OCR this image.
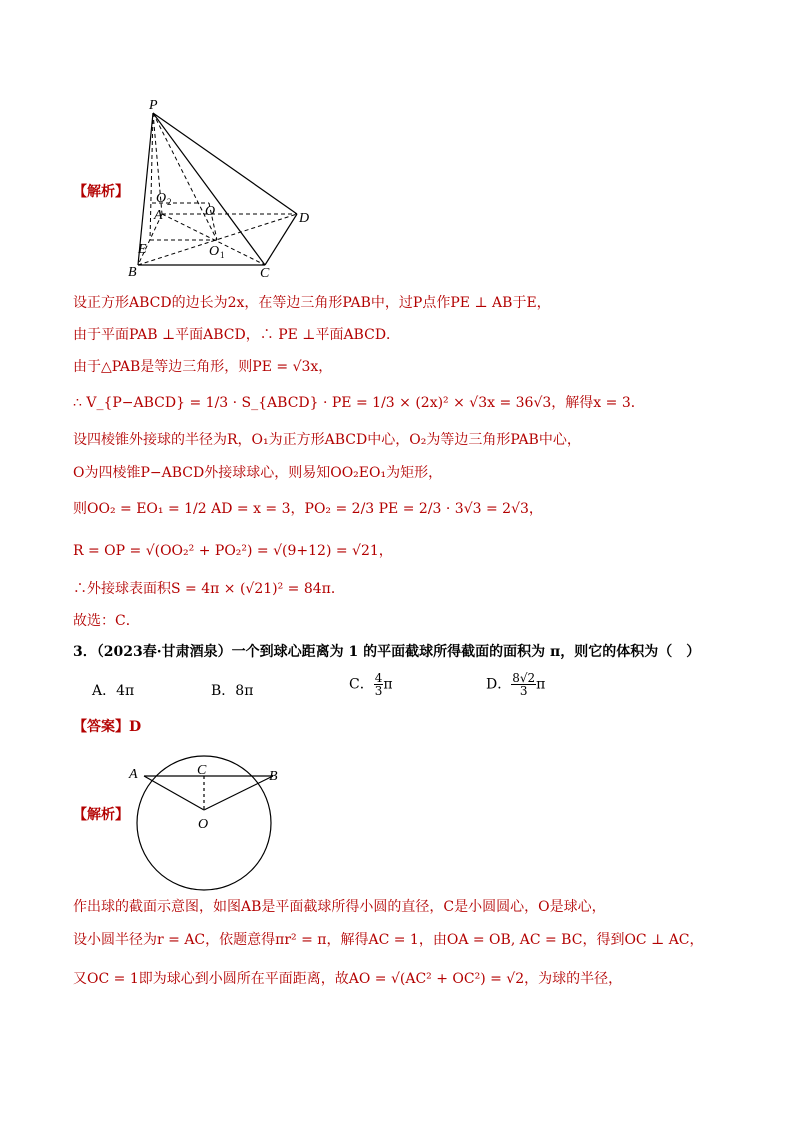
【解析】
P
A
B	C
D
E
O
O 1
O 2
设正方形ABCD的边长为2x，在等边三角形PAB中，过P点作PE ⊥ AB于E，
由于平面PAB ⊥平面ABCD，∴ PE ⊥平面ABCD．
由于△PAB是等边三角形，则PE = √3x，
∴ V_{P−ABCD} = 1/3 · S_{ABCD} · PE = 1/3 × (2x)² × √3x = 36√3，解得x = 3．
设四棱锥外接球的半径为R，O₁为正方形ABCD中心，O₂为等边三角形PAB中心，
O为四棱锥P−ABCD外接球球心，则易知OO₂EO₁为矩形，
则OO₂ = EO₁ = 1/2 AD = x = 3，PO₂ = 2/3 PE = 2/3 · 3√3 = 2√3，
R = OP = √(OO₂² + PO₂²) = √(9+12) = √21，
∴外接球表面积S = 4π × (√21)² = 84π．
故选：C．
3．（2023春·甘肃酒泉）一个到球心距离为 1 的平面截球所得截面的面积为 π，则它的体积为（　）
A．4π	B．8π	C． $\frac{4}{3}$ π	D． $\frac{8√2}{3}$ π
【答案】D
【解析】
A	C	B
O
作出球的截面示意图，如图AB是平面截球所得小圆的直径，C是小圆圆心，O是球心，
设小圆半径为r = AC，依题意得πr² = π，解得AC = 1，由OA = OB, AC = BC，得到OC ⊥ AC，
又OC = 1即为球心到小圆所在平面距离，故AO = √(AC² + OC²) = √2，为球的半径，
